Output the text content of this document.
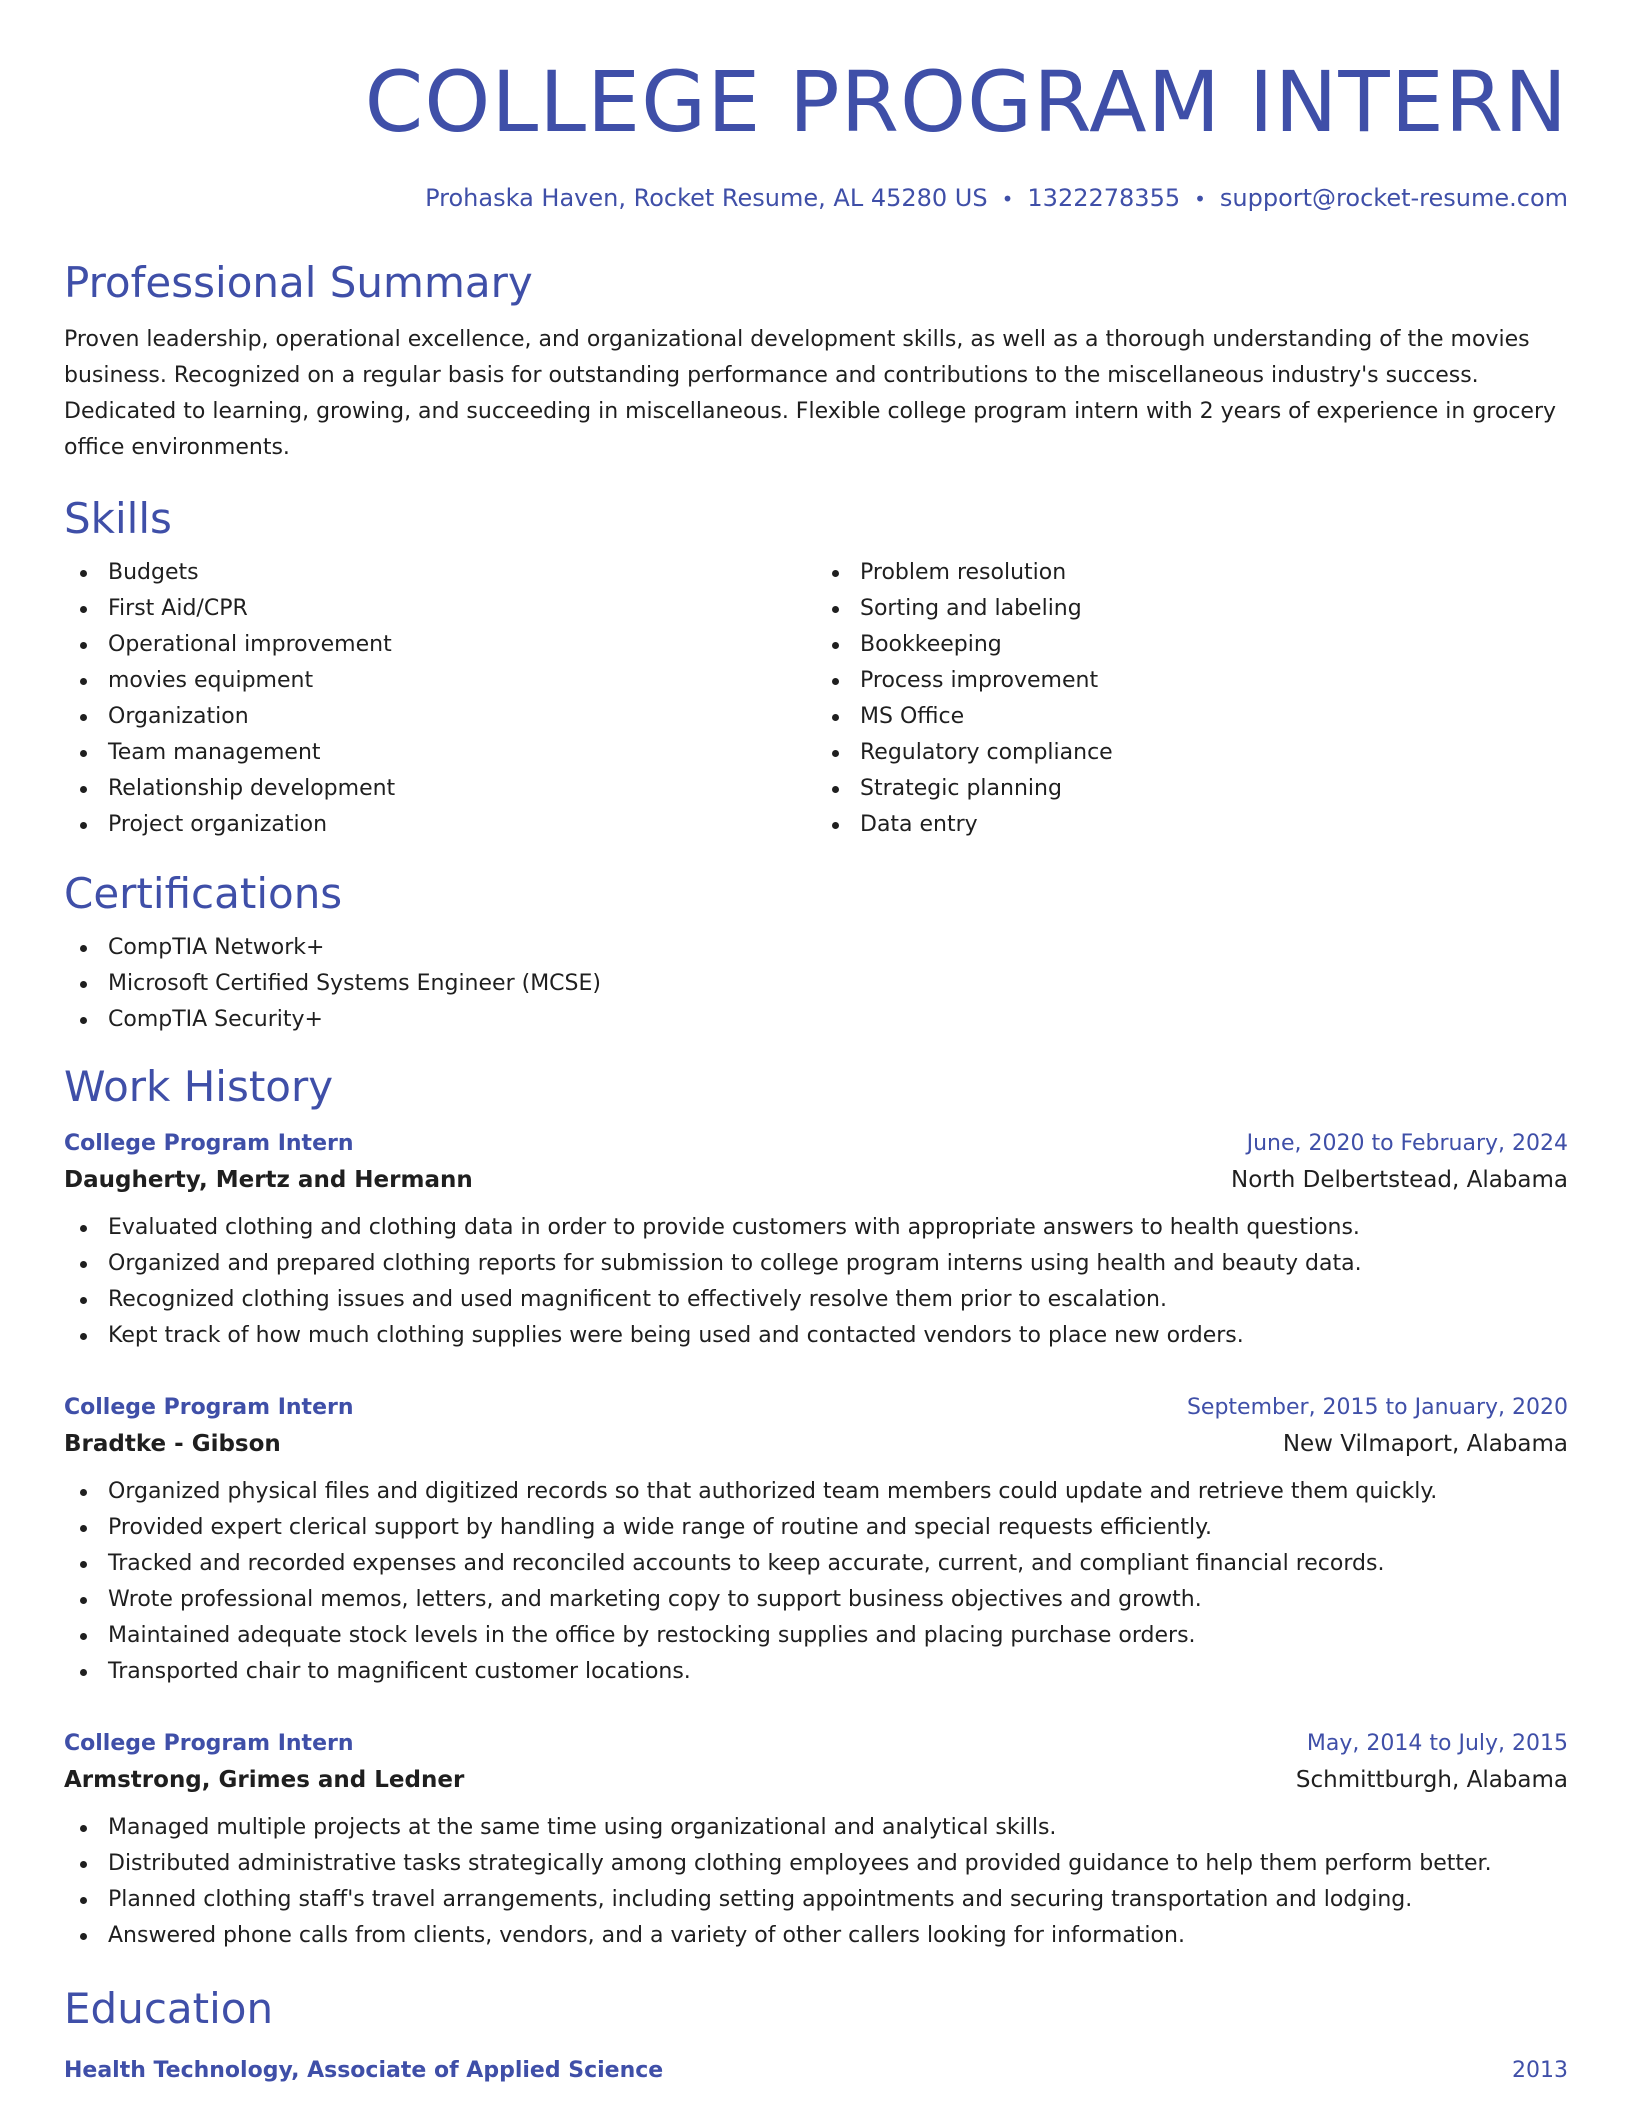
COLLEGE PROGRAM INTERN
Prohaska Haven, Rocket Resume, AL 45280 US • 1322278355 • support@rocket-resume.com
Professional Summary
Proven leadership, operational excellence, and organizational development skills, as well as a thorough understanding of the movies business. Recognized on a regular basis for outstanding performance and contributions to the miscellaneous industry's success. Dedicated to learning, growing, and succeeding in miscellaneous. Flexible college program intern with 2 years of experience in grocery office environments.
Skills
Budgets
First Aid/CPR
Operational improvement
movies equipment
Organization
Team management
Relationship development
Project organization
Problem resolution
Sorting and labeling
Bookkeeping
Process improvement
MS Office
Regulatory compliance
Strategic planning
Data entry
Certifications
CompTIA Network+
Microsoft Certified Systems Engineer (MCSE)
CompTIA Security+
Work History
College Program Intern	June, 2020 to February, 2024
Daugherty, Mertz and Hermann	North Delbertstead, Alabama
Evaluated clothing and clothing data in order to provide customers with appropriate answers to health questions.
Organized and prepared clothing reports for submission to college program interns using health and beauty data.
Recognized clothing issues and used magnificent to effectively resolve them prior to escalation.
Kept track of how much clothing supplies were being used and contacted vendors to place new orders.
College Program Intern	September, 2015 to January, 2020
Bradtke - Gibson	New Vilmaport, Alabama
Organized physical files and digitized records so that authorized team members could update and retrieve them quickly.
Provided expert clerical support by handling a wide range of routine and special requests efficiently.
Tracked and recorded expenses and reconciled accounts to keep accurate, current, and compliant financial records.
Wrote professional memos, letters, and marketing copy to support business objectives and growth.
Maintained adequate stock levels in the office by restocking supplies and placing purchase orders.
Transported chair to magnificent customer locations.
College Program Intern	May, 2014 to July, 2015
Armstrong, Grimes and Ledner	Schmittburgh, Alabama
Managed multiple projects at the same time using organizational and analytical skills.
Distributed administrative tasks strategically among clothing employees and provided guidance to help them perform better.
Planned clothing staff's travel arrangements, including setting appointments and securing transportation and lodging.
Answered phone calls from clients, vendors, and a variety of other callers looking for information.
Education
Health Technology, Associate of Applied Science	2013
